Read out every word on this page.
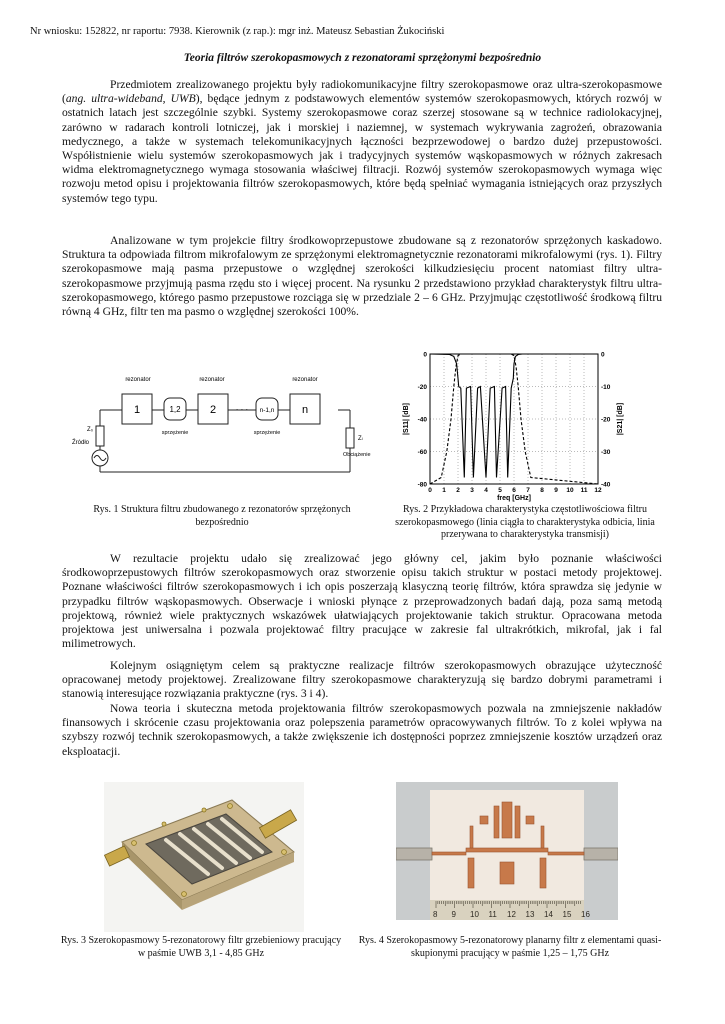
Nr wniosku: 152822, nr raportu: 7938. Kierownik (z rap.): mgr inż. Mateusz Sebastian Żukociński
Teoria filtrów szerokopasmowych z rezonatorami sprzężonymi bezpośrednio

Przedmiotem zrealizowanego projektu były radiokomunikacyjne filtry szerokopasmowe oraz ultra-szerokopasmowe (ang. ultra-wideband, UWB), będące jednym z podstawowych elementów systemów szerokopasmowych, których rozwój w ostatnich latach jest szczególnie szybki. Systemy szerokopasmowe coraz szerzej stosowane są w technice radiolokacyjnej, zarówno w radarach kontroli lotniczej, jak i morskiej i naziemnej, w systemach wykrywania zagrożeń, obrazowania medycznego, a także w systemach telekomunikacyjnych łączności bezprzewodowej o bardzo dużej przepustowości. Współistnienie wielu systemów szerokopasmowych jak i tradycyjnych systemów wąskopasmowych w różnych zakresach widma elektromagnetycznego wymaga stosowania właściwej filtracji. Rozwój systemów szerokopasmowych wymaga więc rozwoju metod opisu i projektowania filtrów szerokopasmowych, które będą spełniać wymagania istniejących oraz przyszłych systemów tego typu.

Analizowane w tym projekcie filtry środkowoprzepustowe zbudowane są z rezonatorów sprzężonych kaskadowo. Struktura ta odpowiada filtrom mikrofalowym ze sprzężonymi elektromagnetycznie rezonatorami mikrofalowymi (rys. 1). Filtry szerokopasmowe mają pasma przepustowe o względnej szerokości kilkudziesięciu procent natomiast filtry ultra-szerokopasmowe przyjmują pasma rzędu sto i więcej procent. Na rysunku 2 przedstawiono przykład charakterystyk filtru ultra-szerokopasmowego, którego pasmo przepustowe rozciąga się w przedziale 2 – 6 GHz. Przyjmując częstotliwość środkową filtru równą 4 GHz, filtr ten ma pasmo o względnej szerokości 100%.

rezonator	rezonator	rezonator
1	1,2	2 · · · n-1,n	n
sprzężenie	sprzężenie
Z₀
Źródło
Zₗ
Obciążenie
Rys. 1 Struktura filtru zbudowanego z rezonatorów sprzężonych bezpośrednio
0 1 2 3 4 5 6 7 8 9 10 11 12
0
-20
-40
-60
-80
0
-10
-20
-30
-40
freq [GHz]
|S11| [dB]	|S21| [dB]
Rys. 2 Przykładowa charakterystyka częstotliwościowa filtru szerokopasmowego (linia ciągła to charakterystyka odbicia, linia przerywana to charakterystyka transmisji)

W rezultacie projektu udało się zrealizować jego główny cel, jakim było poznanie właściwości środkowoprzepustowych filtrów szerokopasmowych oraz stworzenie opisu takich struktur w postaci metody projektowej. Poznane właściwości filtrów szerokopasmowych i ich opis poszerzają klasyczną teorię filtrów, która sprawdza się jedynie w przypadku filtrów wąskopasmowych. Obserwacje i wnioski płynące z przeprowadzonych badań dają, poza samą metodą projektową, również wiele praktycznych wskazówek ułatwiających projektowanie takich struktur. Opracowana metoda projektowa jest uniwersalna i pozwala projektować filtry pracujące w zakresie fal ultrakrótkich, mikrofal, jak i fal milimetrowych.

Kolejnym osiągniętym celem są praktyczne realizacje filtrów szerokopasmowych obrazujące użyteczność opracowanej metody projektowej. Zrealizowane filtry szerokopasmowe charakteryzują się bardzo dobrymi parametrami i stanowią interesujące rozwiązania praktyczne (rys. 3 i 4).

Nowa teoria i skuteczna metoda projektowania filtrów szerokopasmowych pozwala na zmniejszenie nakładów finansowych i skrócenie czasu projektowania oraz polepszenia parametrów opracowywanych filtrów. To z kolei wpływa na szybszy rozwój technik szerokopasmowych, a także zwiększenie ich dostępności poprzez zmniejszenie kosztów urządzeń oraz eksploatacji.

Rys. 3 Szerokopasmowy 5-rezonatorowy filtr grzebieniowy pracujący w paśmie UWB 3,1 - 4,85 GHz
8 9 10 11 12 13 14 15 16
Rys. 4 Szerokopasmowy 5-rezonatorowy planarny filtr z elementami quasi-skupionymi pracujący w paśmie 1,25 – 1,75 GHz
